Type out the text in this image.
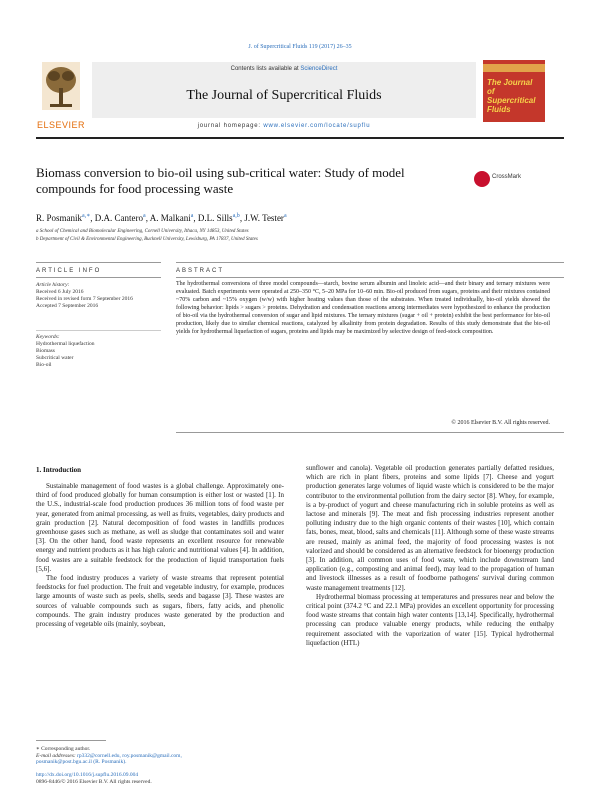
J. of Supercritical Fluids 119 (2017) 26–35
ELSEVIER
Contents lists available at ScienceDirect
The Journal of Supercritical Fluids
journal homepage: www.elsevier.com/locate/supflu
The Journal of Supercritical Fluids
Biomass conversion to bio-oil using sub-critical water: Study of model compounds for food processing waste
CrossMark
R. Posmanik$^{a,∗}$, D.A. Cantero$^a$, A. Malkani$^a$, D.L. Sills$^{a,b}$, J.W. Tester$^a$
a School of Chemical and Biomolecular Engineering, Cornell University, Ithaca, NY 14853, United States
b Department of Civil & Environmental Engineering, Bucknell University, Lewisburg, PA 17837, United States
ARTICLE INFO	ABSTRACT
Article history:
Received 6 July 2016
Received in revised form 7 September 2016
Accepted 7 September 2016
Keywords:
Hydrothermal liquefaction
Biomass
Subcritical water
Bio-oil
The hydrothermal conversions of three model compounds—starch, bovine serum albumin and linoleic acid—and their binary and ternary mixtures were evaluated. Batch experiments were operated at 250–350 °C, 5–20 MPa for 10–60 min. Bio-oil produced from sugars, proteins and their mixtures contained ~70% carbon and ~15% oxygen (w/w) with higher heating values than those of the substrates. When treated individually, bio-oil yields showed the following behavior: lipids > sugars > proteins. Dehydration and condensation reactions among intermediates were hypothesized to enhance the production of bio-oil via the hydrothermal conversion of sugar and lipid mixtures. The ternary mixtures (sugar + oil + protein) exhibit the best performance for bio-oil production, likely due to similar chemical reactions, catalyzed by alkalinity from protein degradation. Results of this study demonstrate that the bio-oil yields for hydrothermal liquefaction of sugars, proteins and lipids may be maximized by selective design of feed-stock composition.
© 2016 Elsevier B.V. All rights reserved.
1. Introduction

Sustainable management of food wastes is a global challenge. Approximately one-third of food produced globally for human consumption is either lost or wasted [1]. In the U.S., industrial-scale food production produces 36 million tons of food waste per year, generated from animal processing, as well as fruits, vegetables, dairy products and grain production [2]. Natural decomposition of food wastes in landfills produces greenhouse gases such as methane, as well as sludge that contaminates soil and water [3]. On the other hand, food waste represents an excellent resource for renewable energy and nutrient products as it has high caloric and nutritional values [4]. In addition, food wastes are a suitable feedstock for the production of liquid transportation fuels [5,6].

The food industry produces a variety of waste streams that represent potential feedstocks for fuel production. The fruit and vegetable industry, for example, produces large amounts of waste such as peels, shells, seeds and bagasse [3]. These wastes are sources of valuable compounds such as sugars, fibers, fatty acids, and phenolic compounds. The grain industry produces waste generated by the production and processing of vegetable oils (mainly, soybean,

sunflower and canola). Vegetable oil production generates partially defatted residues, which are rich in plant fibers, proteins and some lipids [7]. Cheese and yogurt production generates large volumes of liquid waste which is considered to be the major contributor to the environmental pollution from the dairy sector [8]. Whey, for example, is a by-product of yogurt and cheese manufacturing rich in soluble proteins as well as lactose and minerals [9]. The meat and fish processing industries represent another polluting industry due to the high organic contents of their wastes [10], which contain fats, bones, meat, blood, salts and chemicals [11]. Although some of these waste streams are reused, mainly as animal feed, the majority of food processing wastes is not valorized and should be considered as an alternative feedstock for bioenergy production [3]. In addition, all common uses of food waste, which include downstream land application (e.g., composting and animal feed), may lead to the propagation of human and livestock illnesses as a result of foodborne pathogens' survival during common waste management treatments [12].

Hydrothermal biomass processing at temperatures and pressures near and below the critical point (374.2 °C and 22.1 MPa) provides an excellent opportunity for processing food waste streams that contain high water contents [13,14]. Specifically, hydrothermal processing can produce valuable energy products, while reducing the enthalpy requirement associated with the vaporization of water [15]. Typical hydrothermal liquefaction (HTL)

∗ Corresponding author.
E-mail addresses: rp332@cornell.edu, roy.posmanik@gmail.com,
posmanik@post.bgu.ac.il (R. Posmanik).
http://dx.doi.org/10.1016/j.supflu.2016.09.004
0896-8446/© 2016 Elsevier B.V. All rights reserved.
